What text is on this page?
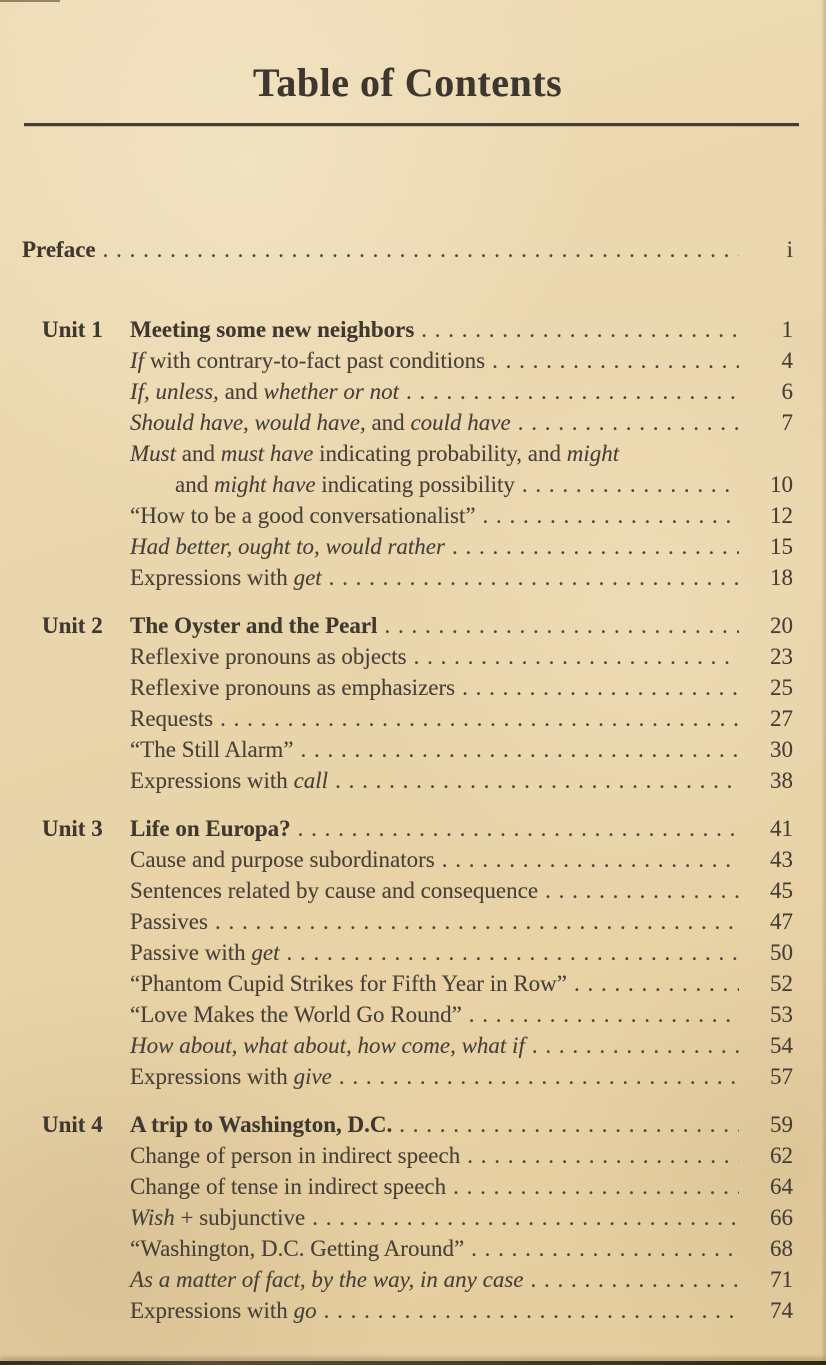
Table of Contents
Preface . . .	i
Unit 1	Meeting some new neighbors . . .	1
If with contrary-to-fact past conditions . . .	4
If, unless, and whether or not . . .	6
Should have, would have, and could have . . .	7
Must and must have indicating probability, and might
and might have indicating possibility . . .	10
“How to be a good conversationalist” . . .	12
Had better, ought to, would rather . . .	15
Expressions with get . . .	18
Unit 2	The Oyster and the Pearl . . .	20
Reflexive pronouns as objects . . .	23
Reflexive pronouns as emphasizers . . .	25
Requests . . .	27
“The Still Alarm” . . .	30
Expressions with call . . .	38
Unit 3	Life on Europa? . . .	41
Cause and purpose subordinators . . .	43
Sentences related by cause and consequence . . .	45
Passives . . .	47
Passive with get . . .	50
“Phantom Cupid Strikes for Fifth Year in Row” . . .	52
“Love Makes the World Go Round” . . .	53
How about, what about, how come, what if . . .	54
Expressions with give . . .	57
Unit 4	A trip to Washington, D.C. . . .	59
Change of person in indirect speech . . .	62
Change of tense in indirect speech . . .	64
Wish + subjunctive . . .	66
“Washington, D.C. Getting Around” . . .	68
As a matter of fact, by the way, in any case . . .	71
Expressions with go . . .	74
